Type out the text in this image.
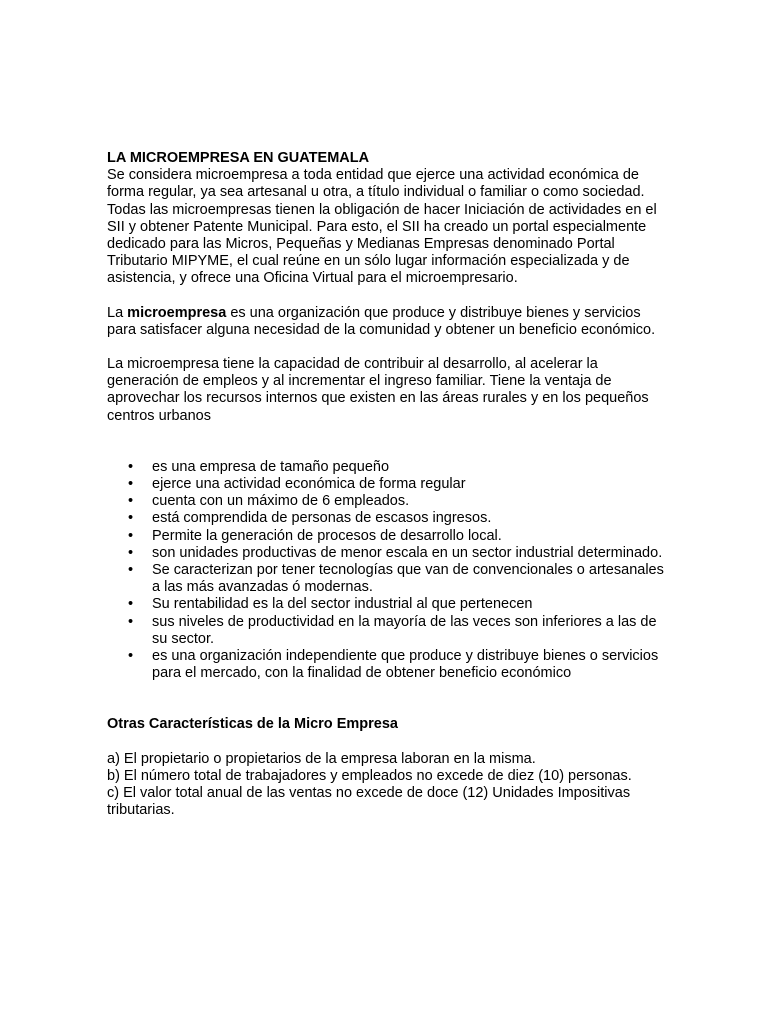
LA MICROEMPRESA EN GUATEMALA

Se considera microempresa a toda entidad que ejerce una actividad económica de forma regular, ya sea artesanal u otra, a título individual o familiar o como sociedad. Todas las microempresas tienen la obligación de hacer Iniciación de actividades en el SII y obtener Patente Municipal. Para esto, el SII ha creado un portal especialmente dedicado para las Micros, Pequeñas y Medianas Empresas denominado Portal Tributario MIPYME, el cual reúne en un sólo lugar información especializada y de asistencia, y ofrece una Oficina Virtual para el microempresario.

La microempresa es una organización que produce y distribuye bienes y servicios para satisfacer alguna necesidad de la comunidad y obtener un beneficio económico.

La microempresa tiene la capacidad de contribuir al desarrollo, al acelerar la generación de empleos y al incrementar el ingreso familiar. Tiene la ventaja de aprovechar los recursos internos que existen en las áreas rurales y en los pequeños centros urbanos

• es una empresa de tamaño pequeño
• ejerce una actividad económica de forma regular
• cuenta con un máximo de 6 empleados.
• está comprendida de personas de escasos ingresos.
• Permite la generación de procesos de desarrollo local.
• son unidades productivas de menor escala en un sector industrial determinado.
• Se caracterizan por tener tecnologías que van de convencionales o artesanales a las más avanzadas ó modernas.
• Su rentabilidad es la del sector industrial al que pertenecen
• sus niveles de productividad en la mayoría de las veces son inferiores a las de su sector.
• es una organización independiente que produce y distribuye bienes o servicios para el mercado, con la finalidad de obtener beneficio económico

Otras Características de la Micro Empresa

a) El propietario o propietarios de la empresa laboran en la misma.

b) El número total de trabajadores y empleados no excede de diez (10) personas.

c) El valor total anual de las ventas no excede de doce (12) Unidades Impositivas tributarias.
